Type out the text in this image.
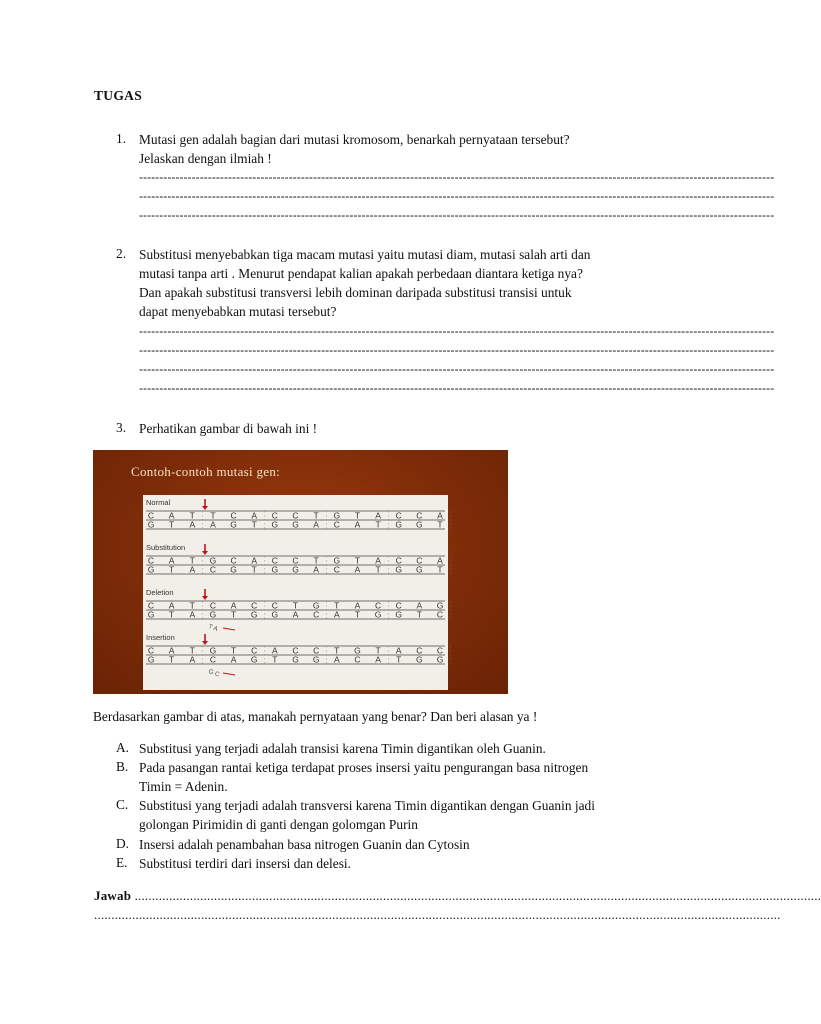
TUGAS
1. Mutasi gen adalah bagian dari mutasi kromosom, benarkah pernyataan tersebut?
Jelaskan dengan ilmiah !
-------------------------------------------------------------------------------------------------------------------------------------------------------------
-------------------------------------------------------------------------------------------------------------------------------------------------------------
-------------------------------------------------------------------------------------------------------------------------------------------------------------
2. Substitusi menyebabkan tiga macam mutasi yaitu mutasi diam, mutasi salah arti dan
mutasi tanpa arti . Menurut pendapat kalian apakah perbedaan diantara ketiga nya?
Dan apakah substitusi transversi lebih dominan daripada substitusi transisi untuk
dapat menyebabkan mutasi tersebut?
-------------------------------------------------------------------------------------------------------------------------------------------------------------
-------------------------------------------------------------------------------------------------------------------------------------------------------------
-------------------------------------------------------------------------------------------------------------------------------------------------------------
-------------------------------------------------------------------------------------------------------------------------------------------------------------
3. Perhatikan gambar di bawah ini !
Contoh-contoh mutasi gen:
Normal
C A T T C A C C T G T A C C A
G T A A G T G G A C A T G G T
Substitution
C A T G C A C C T G T A C C A
G T A C G T G G A C A T G G T
Deletion
C A T C A C C T G T A C C A G
G T A G T G G A C A T G G T C
T A
Insertion
C A T G T C A C C T G T A C C
G T A C A G T G G A C A T G G
G C
Berdasarkan gambar di atas, manakah pernyataan yang benar? Dan beri alasan ya !
A. Substitusi yang terjadi adalah transisi karena Timin digantikan oleh Guanin.
B. Pada pasangan rantai ketiga terdapat proses insersi yaitu pengurangan basa nitrogen
Timin = Adenin.
C. Substitusi yang terjadi adalah transversi karena Timin digantikan dengan Guanin jadi
golongan Pirimidin di ganti dengan golomgan Purin
D. Insersi adalah penambahan basa nitrogen Guanin dan Cytosin
E. Substitusi terdiri dari insersi dan delesi.
Jawab .......................................................................................................................................................................................................
.......................................................................................................................................................................................................
